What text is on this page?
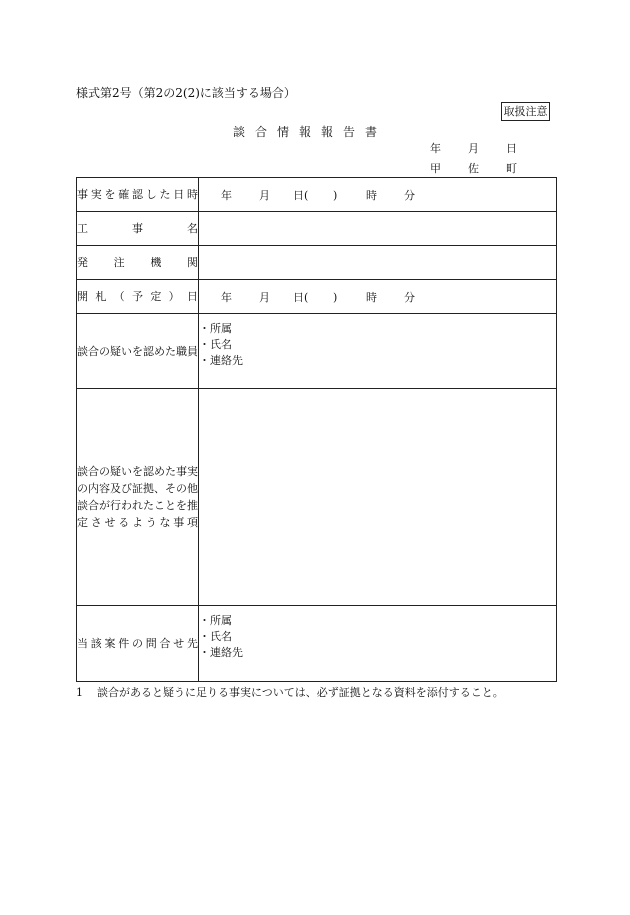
様式第2号（第2の2(2)に該当する場合）
取扱注意
談合情報報告書
年 月 日
甲 佐 町
事実を確認した日時	年 月 日( ) 時 分

工事名	

発注機関	

開札（予定）日	年 月 日( ) 時 分

談合の疑いを認めた職員	・所属
・氏名
・連絡先

談合の疑いを認めた事実の内容及び証拠、その他談合が行われたことを推定させるような事項	

当該案件の問合せ先	・所属
・氏名
・連絡先
1 談合があると疑うに足りる事実については、必ず証拠となる資料を添付すること。
